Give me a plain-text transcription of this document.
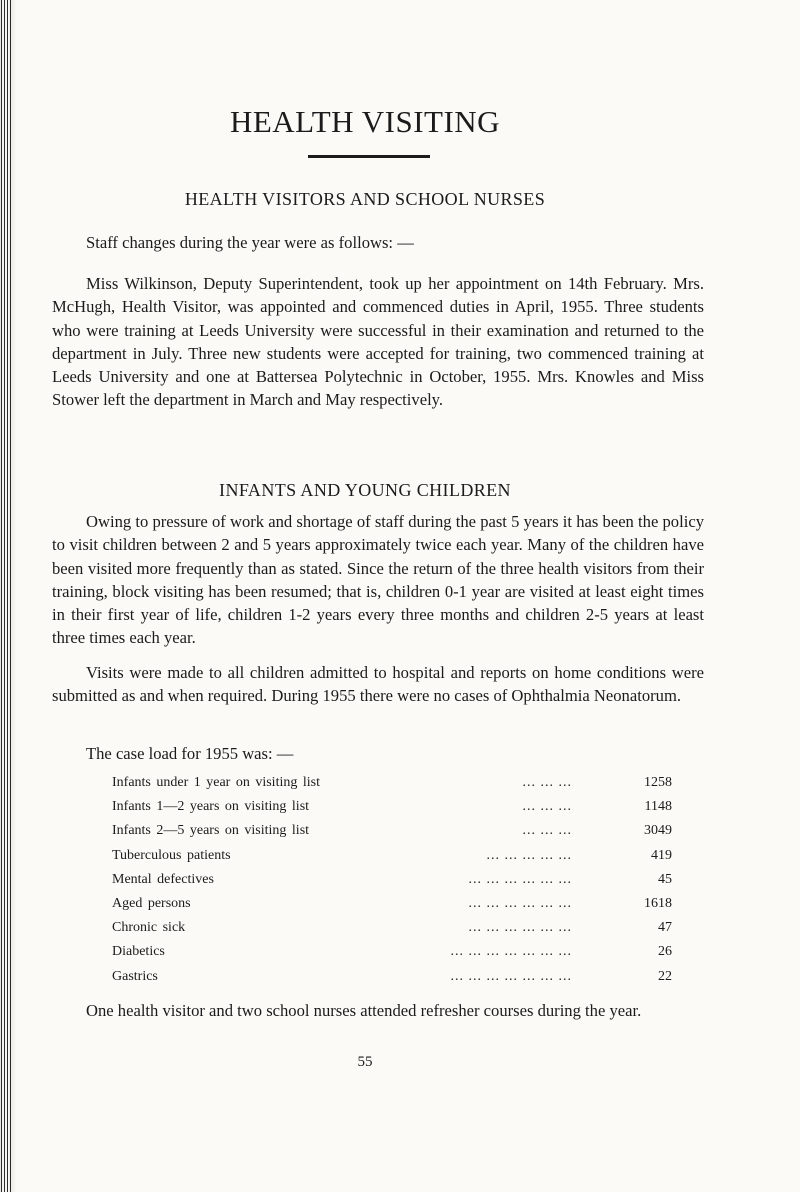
HEALTH VISITING
HEALTH VISITORS AND SCHOOL NURSES

Staff changes during the year were as follows: —

Miss Wilkinson, Deputy Superintendent, took up her appointment on 14th February. Mrs. McHugh, Health Visitor, was appointed and commenced duties in April, 1955. Three students who were training at Leeds University were successful in their examination and returned to the department in July. Three new students were accepted for training, two commenced training at Leeds University and one at Battersea Polytechnic in October, 1955. Mrs. Knowles and Miss Stower left the department in March and May respectively.

INFANTS AND YOUNG CHILDREN

Owing to pressure of work and shortage of staff during the past 5 years it has been the policy to visit children between 2 and 5 years approximately twice each year. Many of the children have been visited more frequently than as stated. Since the return of the three health visitors from their training, block visiting has been resumed; that is, children 0-1 year are visited at least eight times in their first year of life, children 1-2 years every three months and children 2-5 years at least three times each year.

Visits were made to all children admitted to hospital and reports on home conditions were submitted as and when required. During 1955 there were no cases of Ophthalmia Neonatorum.

The case load for 1955 was: —

Infants under 1 year on visiting list	... ... ...	1258
Infants 1—2 years on visiting list	... ... ...	1148
Infants 2—5 years on visiting list	... ... ...	3049
Tuberculous patients	... ... ... ... ...	419
Mental defectives	... ... ... ... ... ...	45
Aged persons	... ... ... ... ... ...	1618
Chronic sick	... ... ... ... ... ...	47
Diabetics	... ... ... ... ... ... ...	26
Gastrics	... ... ... ... ... ... ...	22

One health visitor and two school nurses attended refresher courses during the year.

55
